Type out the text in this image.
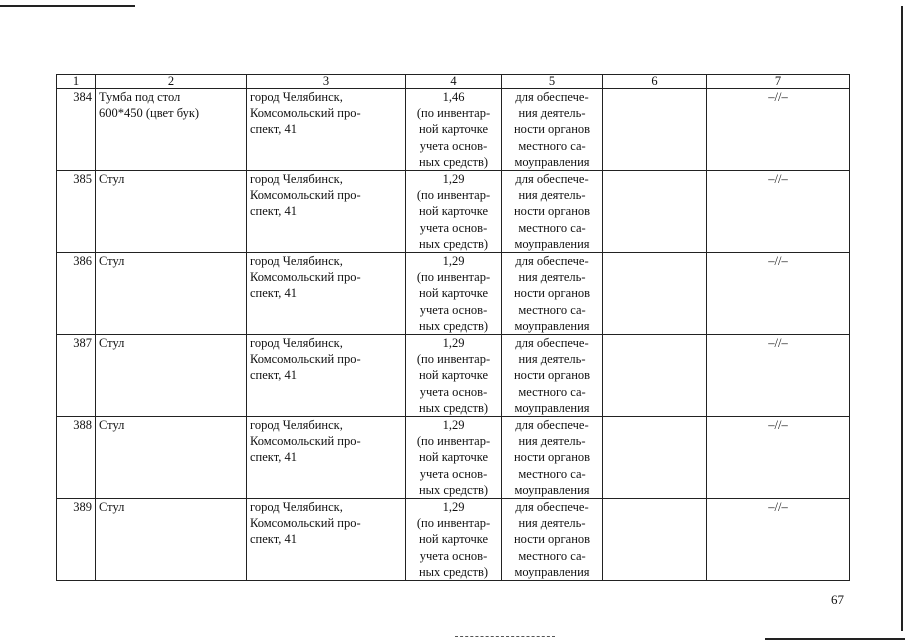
1	2	3	4	5	6	7
384	Тумба под стол
600*450 (цвет бук)	город Челябинск,
Комсомольский про-
спект, 41	1,46
(по инвентар-
ной карточке
учета основ-
ных средств)	для обеспече-
ния деятель-
ности органов
местного са-
моуправления		–//–
385	Стул	город Челябинск,
Комсомольский про-
спект, 41	1,29
(по инвентар-
ной карточке
учета основ-
ных средств)	для обеспече-
ния деятель-
ности органов
местного са-
моуправления		–//–
386	Стул	город Челябинск,
Комсомольский про-
спект, 41	1,29
(по инвентар-
ной карточке
учета основ-
ных средств)	для обеспече-
ния деятель-
ности органов
местного са-
моуправления		–//–
387	Стул	город Челябинск,
Комсомольский про-
спект, 41	1,29
(по инвентар-
ной карточке
учета основ-
ных средств)	для обеспече-
ния деятель-
ности органов
местного са-
моуправления		–//–
388	Стул	город Челябинск,
Комсомольский про-
спект, 41	1,29
(по инвентар-
ной карточке
учета основ-
ных средств)	для обеспече-
ния деятель-
ности органов
местного са-
моуправления		–//–
389	Стул	город Челябинск,
Комсомольский про-
спект, 41	1,29
(по инвентар-
ной карточке
учета основ-
ных средств)	для обеспече-
ния деятель-
ности органов
местного са-
моуправления		–//–
67
